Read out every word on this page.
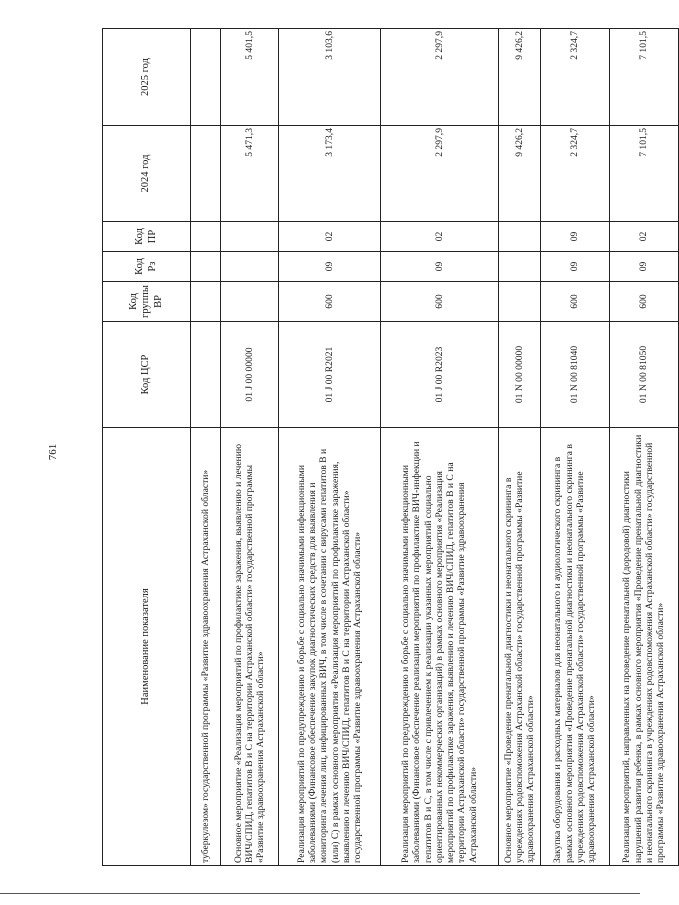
761
Наименование показателя	Код ЦСР	Код группы ВР	Код Рз	Код ПР	2024 год	2025 год
туберкулезом» государственной программы «Развитие здравоохранения Астраханской области»						
Основное мероприятие «Реализация мероприятий по профилактике заражения, выявлению и лечению ВИЧ/СПИД, гепатитов В и С на территории Астраханской области» государственной программы «Развитие здравоохранения Астраханской области»	01 J 00 00000				5 471,3	5 401,5
Реализация мероприятий по предупреждению и борьбе с социально значимыми инфекционными заболеваниями (Финансовое обеспечение закупок диагностических средств для выявления и мониторинга лечения лиц, инфицированных ВИЧ, в том числе в сочетании с вирусами гепатитов В и (или) С) в рамках основного мероприятия «Реализация мероприятий по профилактике заражения, выявлению и лечению ВИЧ/СПИД, гепатитов В и С на территории Астраханской области» государственной программы «Развитие здравоохранения Астраханской области»	01 J 00 R2021	600	09	02	3 173,4	3 103,6
Реализация мероприятий по предупреждению и борьбе с социально значимыми инфекционными заболеваниями (Финансовое обеспечение реализации мероприятий по профилактике ВИЧ-инфекции и гепатитов В и С, в том числе с привлечением к реализации указанных мероприятий социально ориентированных некоммерческих организаций) в рамках основного мероприятия «Реализация мероприятий по профилактике заражения, выявлению и лечению ВИЧ/СПИД, гепатитов В и С на территории Астраханской области» государственной программы «Развитие здравоохранения Астраханской области»	01 J 00 R2023	600	09	02	2 297,9	2 297,9
Основное мероприятие «Проведение пренатальной диагностики и неонатального скрининга в учреждениях родовспоможения Астраханской области» государственной программы «Развитие здравоохранения Астраханской области»	01 N 00 00000				9 426,2	9 426,2
Закупка оборудования и расходных материалов для неонатального и аудиологического скрининга в рамках основного мероприятия «Проведение пренатальной диагностики и неонатального скрининга в учреждениях родовспоможения Астраханской области» государственной программы «Развитие здравоохранения Астраханской области»	01 N 00 81040	600	09	09	2 324,7	2 324,7
Реализация мероприятий, направленных на проведение пренатальной (дородовой) диагностики нарушений развития ребенка, в рамках основного мероприятия «Проведение пренатальной диагностики и неонатального скрининга в учреждениях родовспоможения Астраханской области» государственной программы «Развитие здравоохранения Астраханской области»	01 N 00 81050	600	09	02	7 101,5	7 101,5
